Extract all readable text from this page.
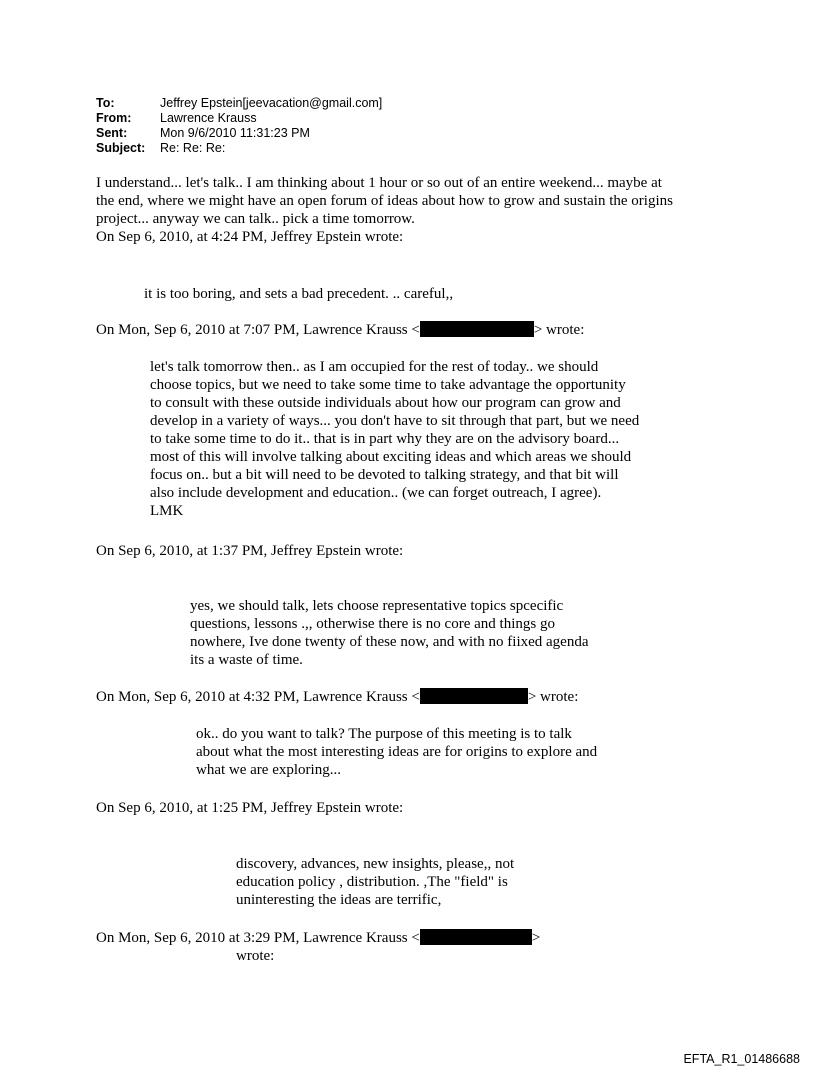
To:	Jeffrey Epstein[jeevacation@gmail.com]
From:	Lawrence Krauss
Sent:	Mon 9/6/2010 11:31:23 PM
Subject:	Re: Re: Re:
I understand... let's talk.. I am thinking about 1 hour or so out of an entire weekend... maybe at
the end, where we might have an open forum of ideas about how to grow and sustain the origins
project... anyway we can talk.. pick a time tomorrow.
On Sep 6, 2010, at 4:24 PM, Jeffrey Epstein wrote:
it is too boring, and sets a bad precedent. .. careful,,
On Mon, Sep 6, 2010 at 7:07 PM, Lawrence Krauss <	> wrote:
let's talk tomorrow then.. as I am occupied for the rest of today.. we should
choose topics, but we need to take some time to take advantage the opportunity
to consult with these outside individuals about how our program can grow and
develop in a variety of ways... you don't have to sit through that part, but we need
to take some time to do it.. that is in part why they are on the advisory board...
most of this will involve talking about exciting ideas and which areas we should
focus on.. but a bit will need to be devoted to talking strategy, and that bit will
also include development and education.. (we can forget outreach, I agree).
LMK
On Sep 6, 2010, at 1:37 PM, Jeffrey Epstein wrote:
yes, we should talk, lets choose representative topics spcecific
questions, lessons .,, otherwise there is no core and things go
nowhere, Ive done twenty of these now, and with no fiixed agenda
its a waste of time.
On Mon, Sep 6, 2010 at 4:32 PM, Lawrence Krauss <	> wrote:
ok.. do you want to talk? The purpose of this meeting is to talk
about what the most interesting ideas are for origins to explore and
what we are exploring...
On Sep 6, 2010, at 1:25 PM, Jeffrey Epstein wrote:
discovery, advances, new insights, please,, not
education policy , distribution. ,The "field" is
uninteresting the ideas are terrific,
On Mon, Sep 6, 2010 at 3:29 PM, Lawrence Krauss <	>
wrote:
EFTA_R1_01486688
